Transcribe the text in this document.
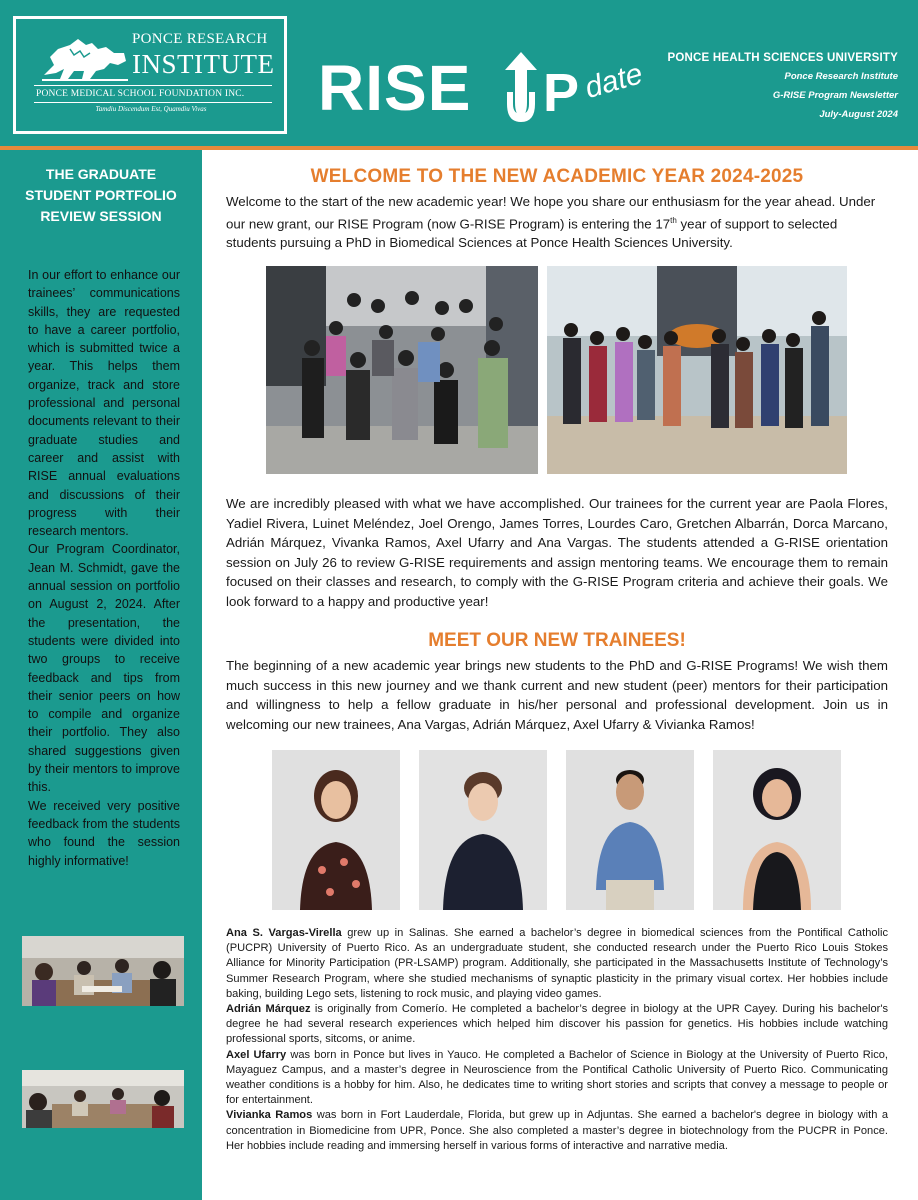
PONCE RESEARCH
INSTITUTE
PONCE MEDICAL SCHOOL FOUNDATION INC.
Tamdiu Discendum Est, Quamdiu Vivas	RISE P date PONCE HEALTH SCIENCES UNIVERSITY
Ponce Research Institute
G-RISE Program Newsletter
July-August 2024
THE GRADUATE STUDENT PORTFOLIO REVIEW SESSION

In our effort to enhance our trainees’ communications skills, they are requested to have a career portfolio, which is submitted twice a year. This helps them organize, track and store professional and personal documents relevant to their graduate studies and career and assist with RISE annual evaluations and discussions of their progress with their research mentors.

Our Program Coordinator, Jean M. Schmidt, gave the annual session on portfolio on August 2, 2024. After the presentation, the students were divided into two groups to receive feedback and tips from their senior peers on how to compile and organize their portfolio. They also shared suggestions given by their mentors to improve this.

We received very positive feedback from the students who found the session highly informative!

WELCOME TO THE NEW ACADEMIC YEAR 2024-2025

Welcome to the start of the new academic year! We hope you share our enthusiasm for the year ahead. Under our new grant, our RISE Program (now G-RISE Program) is entering the 17th year of support to selected students pursuing a PhD in Biomedical Sciences at Ponce Health Sciences University.

We are incredibly pleased with what we have accomplished. Our trainees for the current year are Paola Flores, Yadiel Rivera, Luinet Meléndez, Joel Orengo, James Torres, Lourdes Caro, Gretchen Albarrán, Dorca Marcano, Adrián Márquez, Vivanka Ramos, Axel Ufarry and Ana Vargas. The students attended a G-RISE orientation session on July 26 to review G-RISE requirements and assign mentoring teams. We encourage them to remain focused on their classes and research, to comply with the G-RISE Program criteria and achieve their goals. We look forward to a happy and productive year!

MEET OUR NEW TRAINEES!

The beginning of a new academic year brings new students to the PhD and G-RISE Programs! We wish them much success in this new journey and we thank current and new student (peer) mentors for their participation and willingness to help a fellow graduate in his/her personal and professional development. Join us in welcoming our new trainees, Ana Vargas, Adrián Márquez, Axel Ufarry & Vivianka Ramos!

Ana S. Vargas-Virella grew up in Salinas. She earned a bachelor’s degree in biomedical sciences from the Pontifical Catholic (PUCPR) University of Puerto Rico. As an undergraduate student, she conducted research under the Puerto Rico Louis Stokes Alliance for Minority Participation (PR-LSAMP) program. Additionally, she participated in the Massachusetts Institute of Technology’s Summer Research Program, where she studied mechanisms of synaptic plasticity in the primary visual cortex. Her hobbies include baking, building Lego sets, listening to rock music, and playing video games.

Adrián Márquez is originally from Comerío. He completed a bachelor’s degree in biology at the UPR Cayey. During his bachelor's degree he had several research experiences which helped him discover his passion for genetics. His hobbies include watching professional sports, sitcoms, or anime.

Axel Ufarry was born in Ponce but lives in Yauco. He completed a Bachelor of Science in Biology at the University of Puerto Rico, Mayaguez Campus, and a master’s degree in Neuroscience from the Pontifical Catholic University of Puerto Rico. Communicating weather conditions is a hobby for him. Also, he dedicates time to writing short stories and scripts that convey a message to people or for entertainment.

Vivianka Ramos was born in Fort Lauderdale, Florida, but grew up in Adjuntas. She earned a bachelor's degree in biology with a concentration in Biomedicine from UPR, Ponce. She also completed a master’s degree in biotechnology from the PUCPR in Ponce. Her hobbies include reading and immersing herself in various forms of interactive and narrative media.
